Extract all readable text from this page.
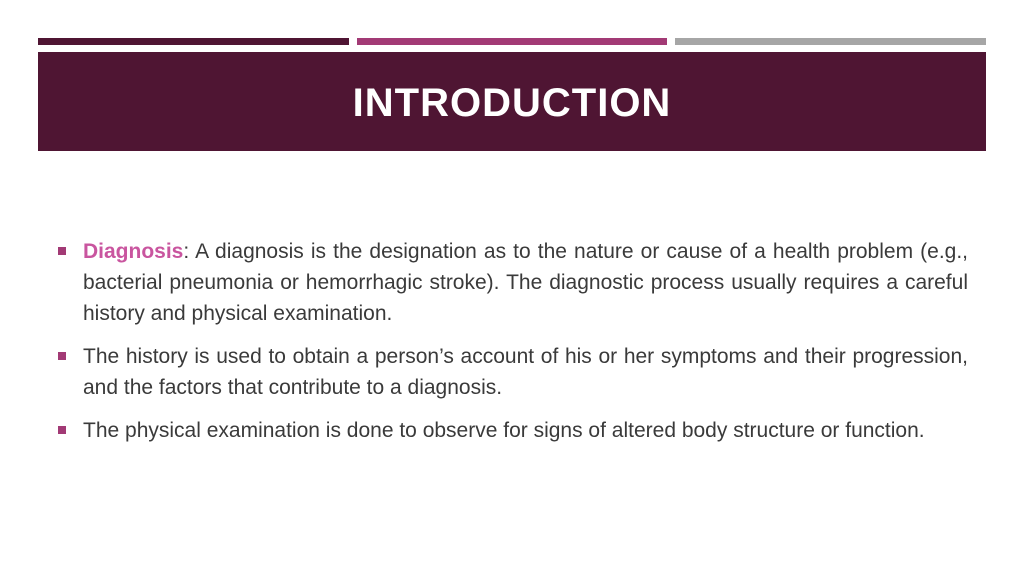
INTRODUCTION
Diagnosis: A diagnosis is the designation as to the nature or cause of a health problem (e.g., bacterial pneumonia or hemorrhagic stroke). The diagnostic process usually requires a careful history and physical examination.
The history is used to obtain a person’s account of his or her symptoms and their progression, and the factors that contribute to a diagnosis.
The physical examination is done to observe for signs of altered body structure or function.
